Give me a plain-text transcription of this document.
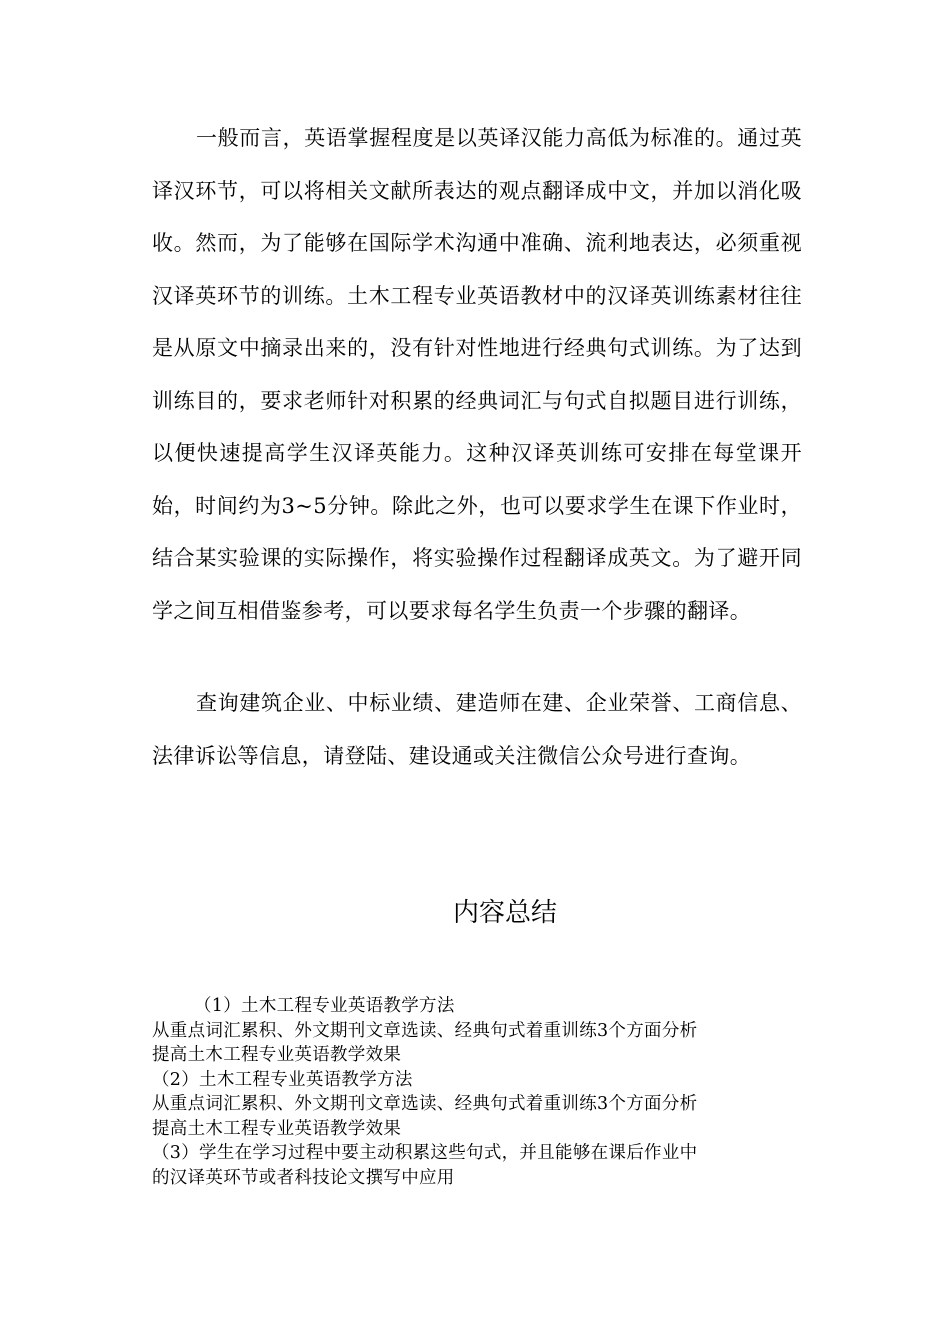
一般而言，英语掌握程度是以英译汉能力高低为标准的。通过英译汉环节，可以将相关文献所表达的观点翻译成中文，并加以消化吸收。然而，为了能够在国际学术沟通中准确、流利地表达，必须重视汉译英环节的训练。土木工程专业英语教材中的汉译英训练素材往往是从原文中摘录出来的，没有针对性地进行经典句式训练。为了达到训练目的，要求老师针对积累的经典词汇与句式自拟题目进行训练，以便快速提高学生汉译英能力。这种汉译英训练可安排在每堂课开始，时间约为3~5分钟。除此之外，也可以要求学生在课下作业时，结合某实验课的实际操作，将实验操作过程翻译成英文。为了避开同学之间互相借鉴参考，可以要求每名学生负责一个步骤的翻译。

查询建筑企业、中标业绩、建造师在建、企业荣誉、工商信息、法律诉讼等信息，请登陆、建设通或关注微信公众号进行查询。

内容总结
（1）土木工程专业英语教学方法
从重点词汇累积、外文期刊文章选读、经典句式着重训练3个方面分析
提高土木工程专业英语教学效果
（2）土木工程专业英语教学方法
从重点词汇累积、外文期刊文章选读、经典句式着重训练3个方面分析
提高土木工程专业英语教学效果
（3）学生在学习过程中要主动积累这些句式，并且能够在课后作业中
的汉译英环节或者科技论文撰写中应用
